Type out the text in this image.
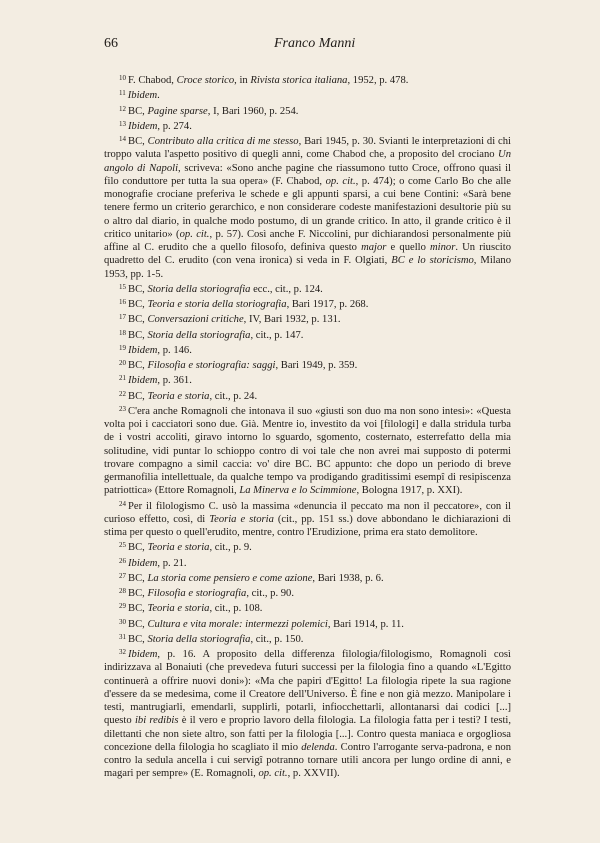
66	Franco Manni

$^{10}$ F. Chabod, Croce storico, in Rivista storica italiana, 1952, p. 478.

$^{11}$ Ibidem.

$^{12}$ BC, Pagine sparse, I, Bari 1960, p. 254.

$^{13}$ Ibidem, p. 274.

$^{14}$ BC, Contributo alla critica di me stesso, Bari 1945, p. 30. Svianti le interpretazioni di chi troppo valuta l'aspetto positivo di quegli anni, come Chabod che, a proposito del crociano Un angolo di Napoli, scriveva: «Sono anche pagine che riassumono tutto Croce, offrono quasi il filo conduttore per tutta la sua opera» (F. Chabod, op. cit., p. 474); o come Carlo Bo che alle monografie crociane preferiva le schede e gli appunti sparsi, a cui bene Contini: «Sarà bene tenere fermo un criterio gerarchico, e non considerare codeste manifestazioni desultorie più su o altro dal diario, in qualche modo postumo, di un grande critico. In atto, il grande critico è il critico unitario» (op. cit., p. 57). Così anche F. Niccolini, pur dichiarandosi personalmente più affine al C. erudito che a quello filosofo, definiva questo major e quello minor. Un riuscito quadretto del C. erudito (con vena ironica) si veda in F. Olgiati, BC e lo storicismo, Milano 1953, pp. 1-5.

$^{15}$ BC, Storia della storiografia ecc., cit., p. 124.

$^{16}$ BC, Teoria e storia della storiografia, Bari 1917, p. 268.

$^{17}$ BC, Conversazioni critiche, IV, Bari 1932, p. 131.

$^{18}$ BC, Storia della storiografia, cit., p. 147.

$^{19}$ Ibidem, p. 146.

$^{20}$ BC, Filosofia e storiografia: saggi, Bari 1949, p. 359.

$^{21}$ Ibidem, p. 361.

$^{22}$ BC, Teoria e storia, cit., p. 24.

$^{23}$ C'era anche Romagnoli che intonava il suo «giusti son duo ma non sono intesi»: «Questa volta poi i cacciatori sono due. Già. Mentre io, investito da voi [filologi] e dalla stridula turba de i vostri accoliti, giravo intorno lo sguardo, sgomento, costernato, esterrefatto della mia solitudine, vidi puntar lo schioppo contro di voi tale che non avrei mai supposto di potermi trovare compagno a simil caccia: vo' dire BC. BC appunto: che dopo un periodo di breve germanofilia intellettuale, da qualche tempo va prodigando graditissimi esempî di resipiscenza patriottica» (Ettore Romagnoli, La Minerva e lo Scimmione, Bologna 1917, p. XXI).

$^{24}$ Per il filologismo C. usò la massima «denuncia il peccato ma non il peccatore», con il curioso effetto, così, di Teoria e storia (cit., pp. 151 ss.) dove abbondano le dichiarazioni di stima per questo o quell'erudito, mentre, contro l'Erudizione, prima era stato demolitore.

$^{25}$ BC, Teoria e storia, cit., p. 9.

$^{26}$ Ibidem, p. 21.

$^{27}$ BC, La storia come pensiero e come azione, Bari 1938, p. 6.

$^{28}$ BC, Filosofia e storiografia, cit., p. 90.

$^{29}$ BC, Teoria e storia, cit., p. 108.

$^{30}$ BC, Cultura e vita morale: intermezzi polemici, Bari 1914, p. 11.

$^{31}$ BC, Storia della storiografia, cit., p. 150.

$^{32}$ Ibidem, p. 16. A proposito della differenza filologia/filologismo, Romagnoli così indirizzava al Bonaiuti (che prevedeva futuri successi per la filologia fino a quando «L'Egitto continuerà a offrire nuovi doni»): «Ma che papiri d'Egitto! La filologia ripete la sua ragione d'essere da se medesima, come il Creatore dell'Universo. È fine e non già mezzo. Manipolare i testi, mantrugiarli, emendarli, supplirli, potarli, infiocchettarli, allontanarsi dai codici [...] questo ibi redibis è il vero e proprio lavoro della filologia. La filologia fatta per i testi? I testi, dilettanti che non siete altro, son fatti per la filologia [...]. Contro questa maniaca e orgogliosa concezione della filologia ho scagliato il mio delenda. Contro l'arrogante serva-padrona, e non contro la sedula ancella i cui servigî potranno tornare utili ancora per lungo ordine di anni, e magari per sempre» (E. Romagnoli, op. cit., p. XXVII).
